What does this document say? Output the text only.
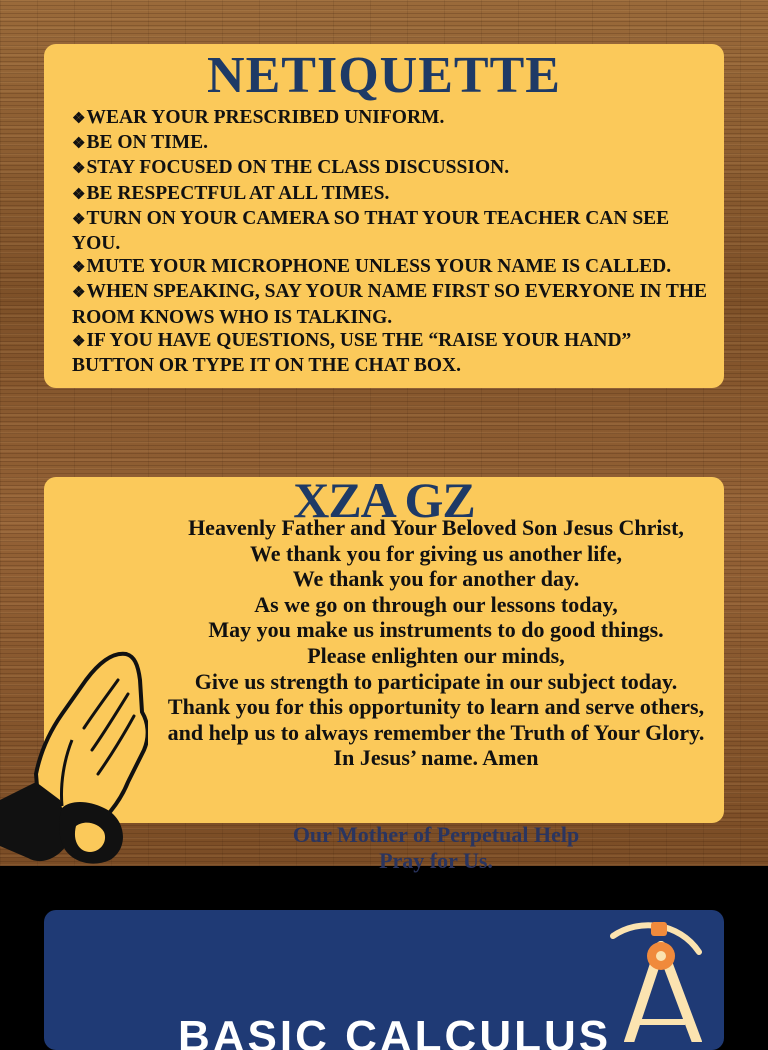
NETIQUETTE
❖ WEAR YOUR PRESCRIBED UNIFORM.
❖ BE ON TIME.
❖ STAY FOCUSED ON THE CLASS DISCUSSION.
❖ BE RESPECTFUL AT ALL TIMES.
❖ TURN ON YOUR CAMERA SO THAT YOUR TEACHER CAN SEE YOU.
❖ MUTE YOUR MICROPHONE UNLESS YOUR NAME IS CALLED.
❖ WHEN SPEAKING, SAY YOUR NAME FIRST SO EVERYONE IN THE ROOM KNOWS WHO IS TALKING.
❖ IF YOU HAVE QUESTIONS, USE THE “RAISE YOUR HAND” BUTTON OR TYPE IT ON THE CHAT BOX.
XZA GZ
Heavenly Father and Your Beloved Son Jesus Christ,
We thank you for giving us another life,
We thank you for another day.
As we go on through our lessons today,
May you make us instruments to do good things.
Please enlighten our minds,
Give us strength to participate in our subject today.
Thank you for this opportunity to learn and serve others,
and help us to always remember the Truth of Your Glory.
In Jesus’ name. Amen
Our Mother of Perpetual Help
Pray for Us.
BASIC CALCULUS
